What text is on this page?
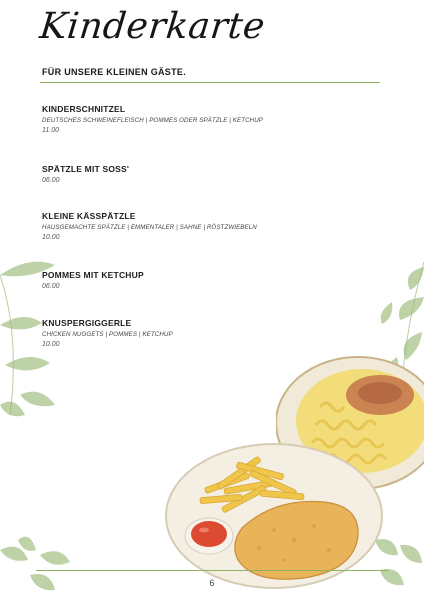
Kinderkarte
FÜR UNSERE KLEINEN GÄSTE.
KINDERSCHNITZEL
DEUTSCHES SCHWEINEFLEISCH | POMMES ODER SPÄTZLE | KETCHUP
11.00
SPÄTZLE MIT SOSS'
06.00
KLEINE KÄSSPÄTZLE
HAUSGEMACHTE SPÄTZLE | EMMENTALER | SAHNE | RÖSTZWIEBELN
10.00
POMMES MIT KETCHUP
06.00
KNUSPERGIGGERLE
CHICKEN NUGGETS | POMMES | KETCHUP
10.00
6
